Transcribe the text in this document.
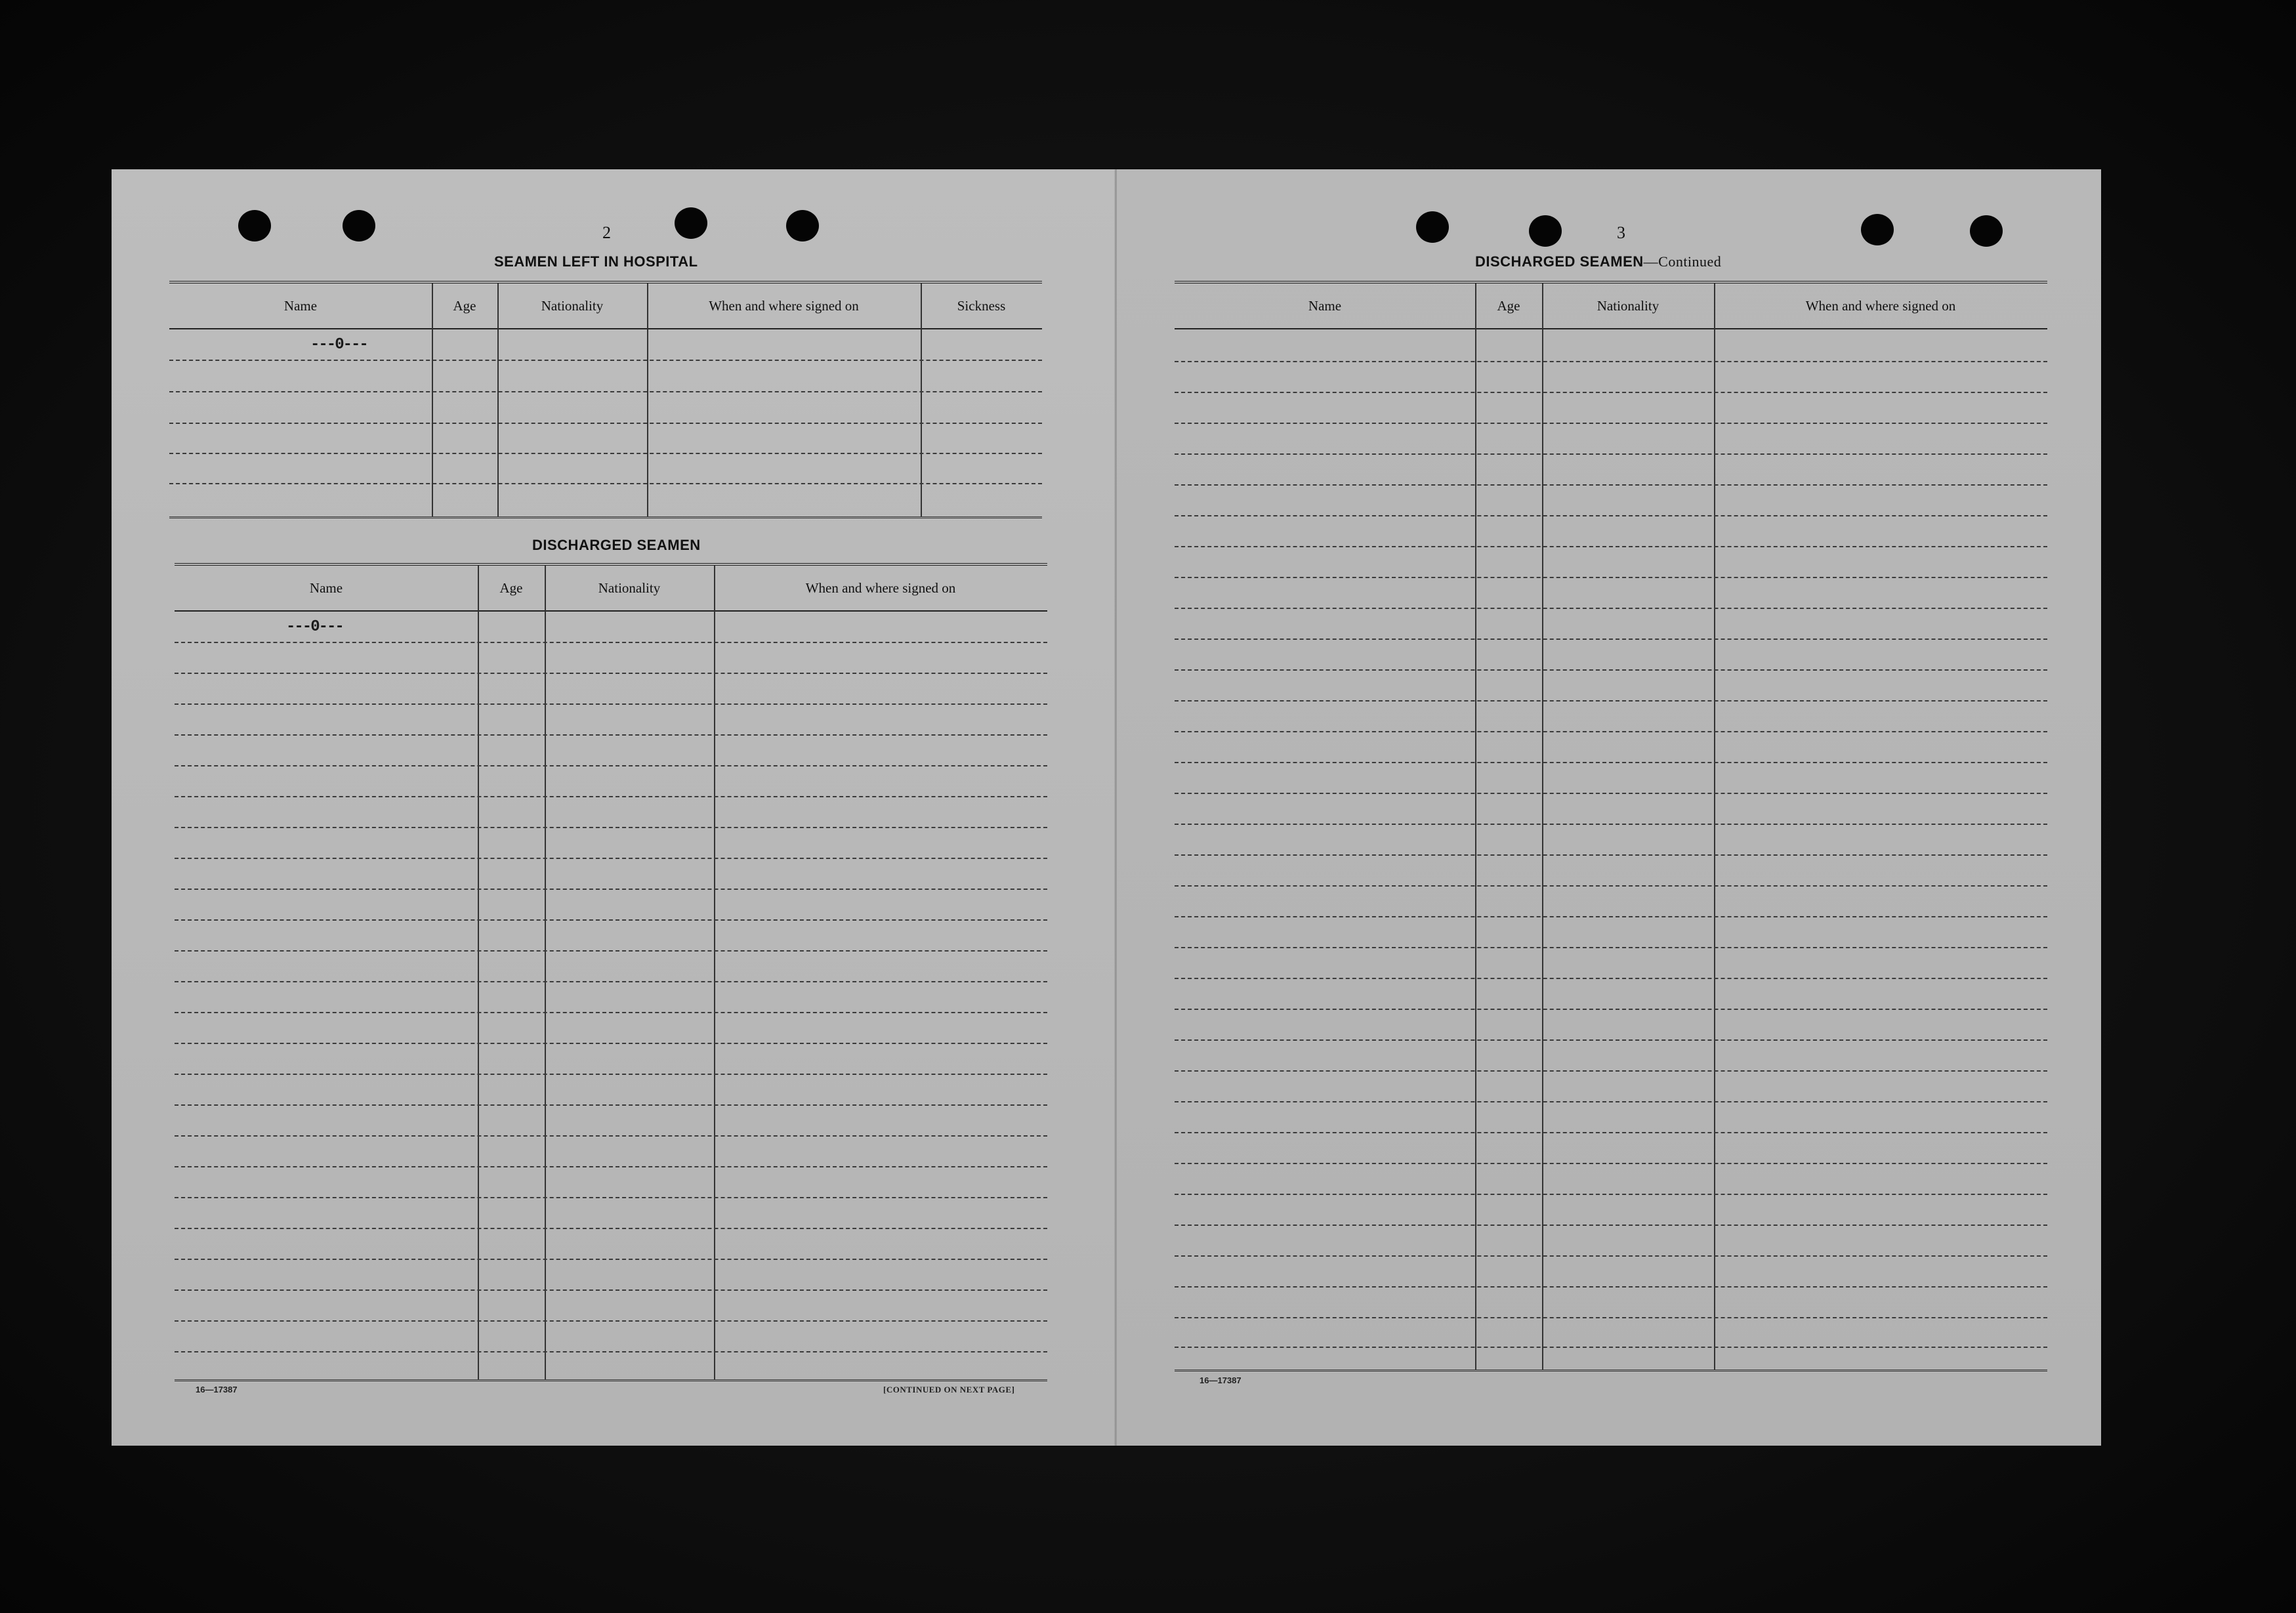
2
SEAMEN LEFT IN HOSPITAL
Name	Age	Nationality	When and where signed on	Sickness
---0---
DISCHARGED SEAMEN
Name	Age	Nationality	When and where signed on
---0---
16—17387	[CONTINUED ON NEXT PAGE]
3
DISCHARGED SEAMEN—Continued
Name	Age	Nationality	When and where signed on
16—17387
